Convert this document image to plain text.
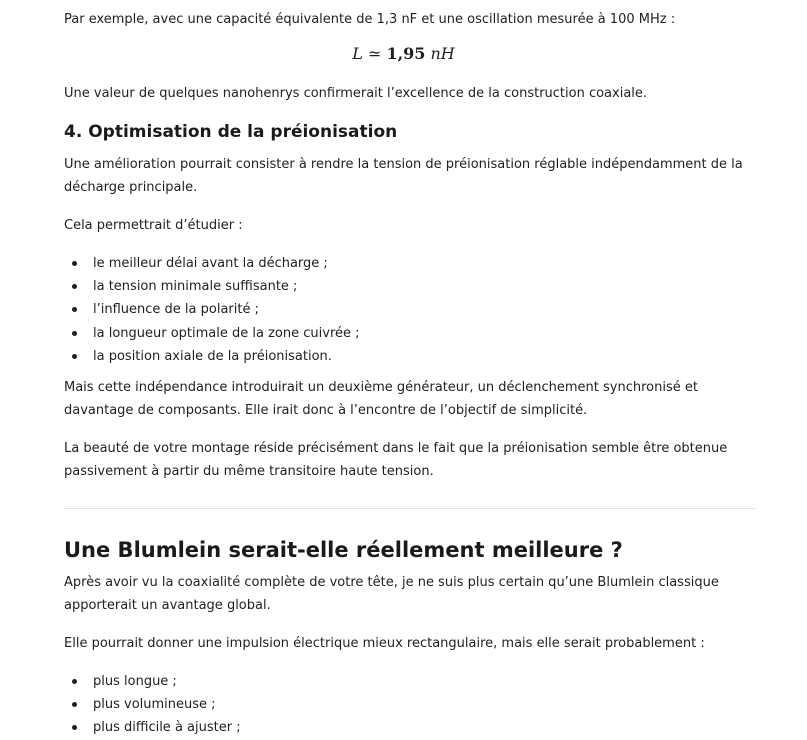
Par exemple, avec une capacité équivalente de 1,3 nF et une oscillation mesurée à 100 MHz :

L ≃ 1,95 nH

Une valeur de quelques nanohenrys confirmerait l’excellence de la construction coaxiale.

4. Optimisation de la préionisation

Une amélioration pourrait consister à rendre la tension de préionisation réglable indépendamment de la décharge principale.

Cela permettrait d’étudier :

le meilleur délai avant la décharge ;
la tension minimale suffisante ;
l’influence de la polarité ;
la longueur optimale de la zone cuivrée ;
la position axiale de la préionisation.

Mais cette indépendance introduirait un deuxième générateur, un déclenchement synchronisé et davantage de composants. Elle irait donc à l’encontre de l’objectif de simplicité.

La beauté de votre montage réside précisément dans le fait que la préionisation semble être obtenue passivement à partir du même transitoire haute tension.

Une Blumlein serait-elle réellement meilleure ?

Après avoir vu la coaxialité complète de votre tête, je ne suis plus certain qu’une Blumlein classique apporterait un avantage global.

Elle pourrait donner une impulsion électrique mieux rectangulaire, mais elle serait probablement :

plus longue ;
plus volumineuse ;
plus difficile à ajuster ;
